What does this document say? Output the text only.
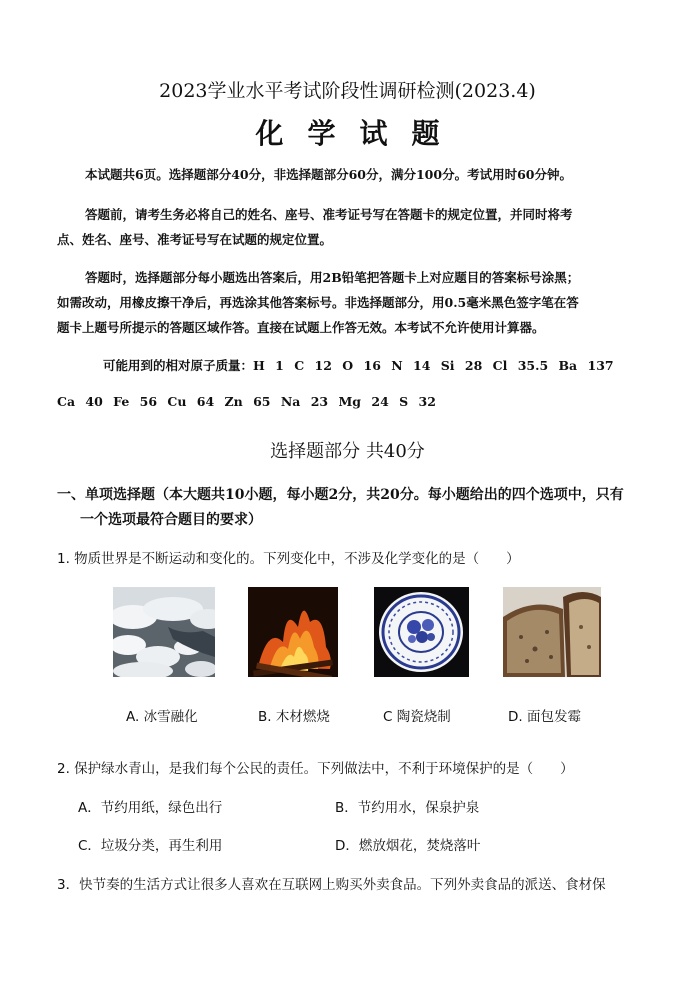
2023学业水平考试阶段性调研检测(2023.4)
化学试题
本试题共6页。选择题部分40分，非选择题部分60分，满分100分。考试用时60分钟。
答题前，请考生务必将自己的姓名、座号、准考证号写在答题卡的规定位置，并同时将考
点、姓名、座号、准考证号写在试题的规定位置。
答题时，选择题部分每小题选出答案后，用2B铅笔把答题卡上对应题目的答案标号涂黑；
如需改动，用橡皮擦干净后，再选涂其他答案标号。非选择题部分，用0.5毫米黑色签字笔在答
题卡上题号所提示的答题区域作答。直接在试题上作答无效。本考试不允许使用计算器。
可能用到的相对原子质量：H 1 C 12 O 16 N 14 Si 28 Cl 35.5 Ba 137
Ca 40 Fe 56 Cu 64 Zn 65 Na 23 Mg 24 S 32
选择题部分 共40分
一、单项选择题（本大题共10小题，每小题2分，共20分。每小题给出的四个选项中，只有
一个选项最符合题目的要求）
1. 物质世界是不断运动和变化的。下列变化中，不涉及化学变化的是（　　）
A. 冰雪融化	B. 木材燃烧	C 陶瓷烧制	D. 面包发霉
2. 保护绿水青山，是我们每个公民的责任。下列做法中，不利于环境保护的是（　　）
A．节约用纸，绿色出行	B．节约用水，保泉护泉
C．垃圾分类，再生利用	D．燃放烟花，焚烧落叶
3．快节奏的生活方式让很多人喜欢在互联网上购买外卖食品。下列外卖食品的派送、食材保
